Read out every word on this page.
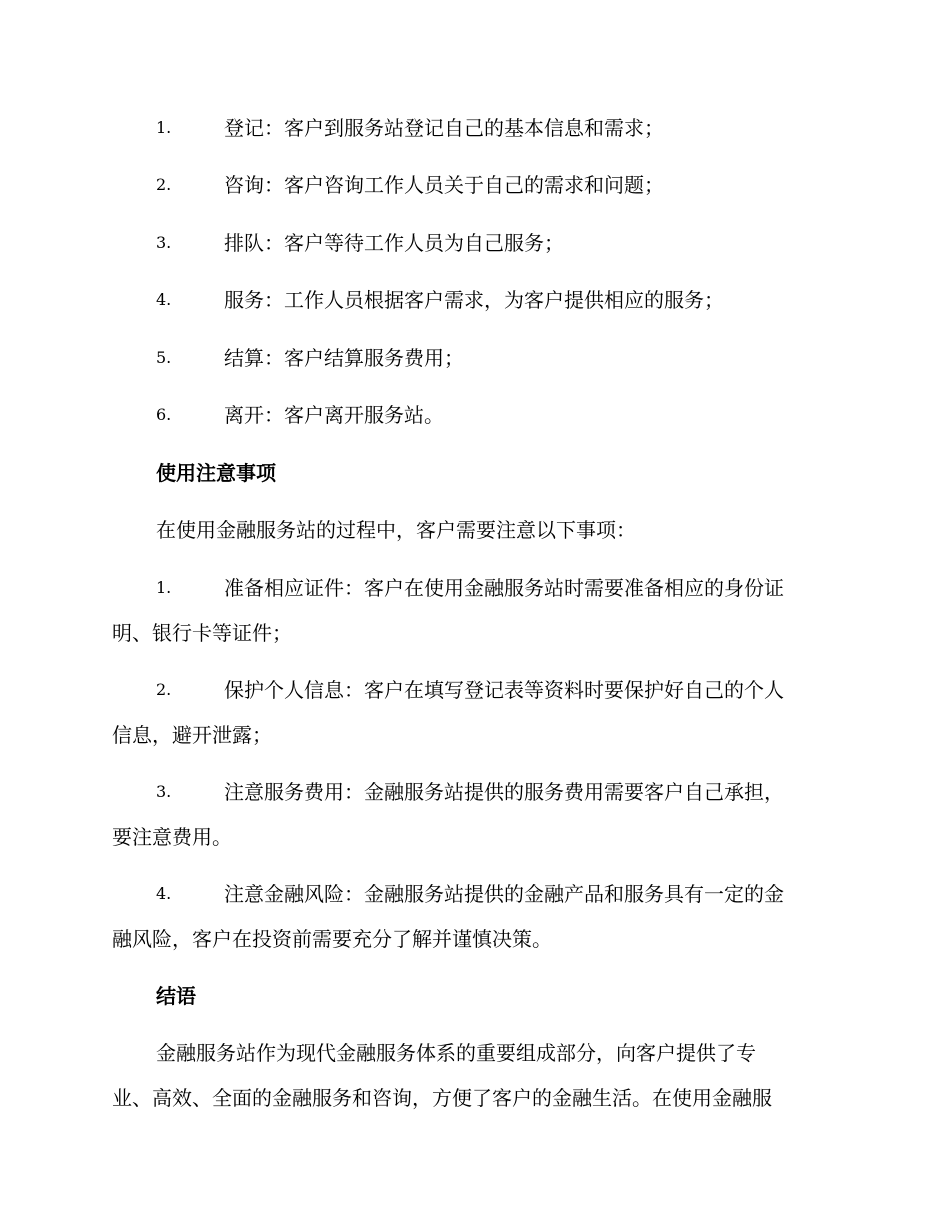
1.	登记：客户到服务站登记自己的基本信息和需求；
2.	咨询：客户咨询工作人员关于自己的需求和问题；
3.	排队：客户等待工作人员为自己服务；
4.	服务：工作人员根据客户需求，为客户提供相应的服务；
5.	结算：客户结算服务费用；
6.	离开：客户离开服务站。
使用注意事项
在使用金融服务站的过程中，客户需要注意以下事项：
1.	准备相应证件：客户在使用金融服务站时需要准备相应的身份证
明、银行卡等证件；
2.	保护个人信息：客户在填写登记表等资料时要保护好自己的个人
信息，避开泄露；
3.	注意服务费用：金融服务站提供的服务费用需要客户自己承担，
要注意费用。
4.	注意金融风险：金融服务站提供的金融产品和服务具有一定的金
融风险，客户在投资前需要充分了解并谨慎决策。
结语
金融服务站作为现代金融服务体系的重要组成部分，向客户提供了专
业、高效、全面的金融服务和咨询，方便了客户的金融生活。在使用金融服
